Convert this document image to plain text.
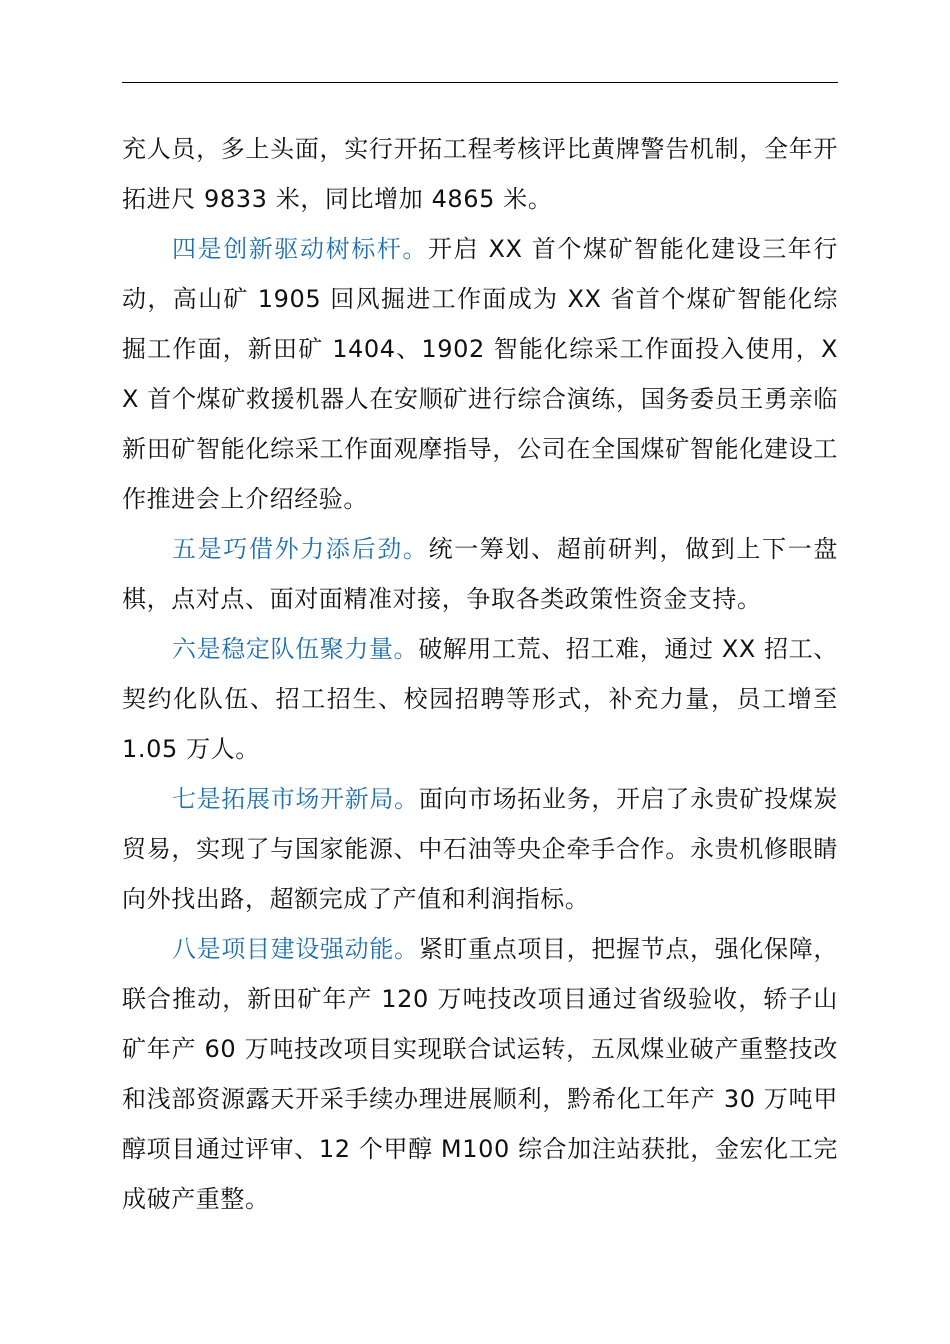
充人员，多上头面，实行开拓工程考核评比黄牌警告机制，全年开拓进尺 9833 米，同比增加 4865 米。

四是创新驱动树标杆。开启 XX 首个煤矿智能化建设三年行动，高山矿 1905 回风掘进工作面成为 XX 省首个煤矿智能化综掘工作面，新田矿 1404、1902 智能化综采工作面投入使用，XX 首个煤矿救援机器人在安顺矿进行综合演练，国务委员王勇亲临新田矿智能化综采工作面观摩指导，公司在全国煤矿智能化建设工作推进会上介绍经验。

五是巧借外力添后劲。统一筹划、超前研判，做到上下一盘棋，点对点、面对面精准对接，争取各类政策性资金支持。

六是稳定队伍聚力量。破解用工荒、招工难，通过 XX 招工、契约化队伍、招工招生、校园招聘等形式，补充力量，员工增至 1.05 万人。

七是拓展市场开新局。面向市场拓业务，开启了永贵矿投煤炭贸易，实现了与国家能源、中石油等央企牵手合作。永贵机修眼睛向外找出路，超额完成了产值和利润指标。

八是项目建设强动能。紧盯重点项目，把握节点，强化保障，联合推动，新田矿年产 120 万吨技改项目通过省级验收，轿子山矿年产 60 万吨技改项目实现联合试运转，五凤煤业破产重整技改和浅部资源露天开采手续办理进展顺利，黔希化工年产 30 万吨甲醇项目通过评审、12 个甲醇 M100 综合加注站获批，金宏化工完成破产重整。
